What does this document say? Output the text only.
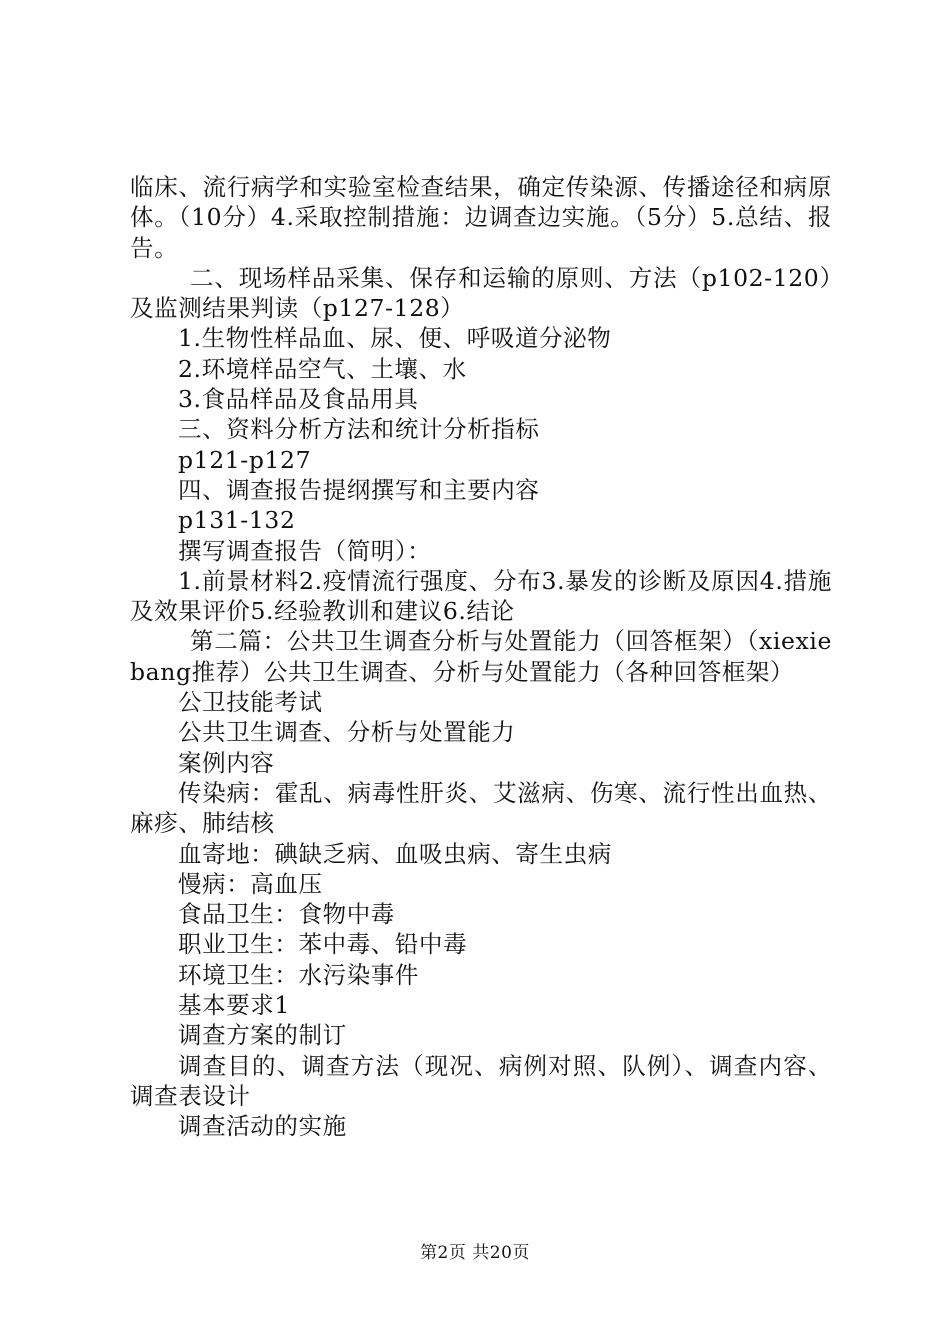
临床、流行病学和实验室检查结果，确定传染源、传播途径和病原体。（10分）4.采取控制措施：边调查边实施。（5分）5.总结、报告。

二、现场样品采集、保存和运输的原则、方法（p102-120）及监测结果判读（p127-128）

1.生物性样品血、尿、便、呼吸道分泌物

2.环境样品空气、土壤、水

3.食品样品及食品用具

三、资料分析方法和统计分析指标

p121-p127

四、调查报告提纲撰写和主要内容

p131-132

撰写调查报告（简明）：

1.前景材料2.疫情流行强度、分布3.暴发的诊断及原因4.措施及效果评价5.经验教训和建议6.结论

第二篇：公共卫生调查分析与处置能力（回答框架）（xiexiebang推荐）公共卫生调查、分析与处置能力（各种回答框架）

公卫技能考试

公共卫生调查、分析与处置能力

案例内容

传染病：霍乱、病毒性肝炎、艾滋病、伤寒、流行性出血热、麻疹、肺结核

血寄地：碘缺乏病、血吸虫病、寄生虫病

慢病：高血压

食品卫生：食物中毒

职业卫生：苯中毒、铅中毒

环境卫生：水污染事件

基本要求1

调查方案的制订

调查目的、调查方法（现况、病例对照、队例）、调查内容、调查表设计

调查活动的实施

第2页 共20页
